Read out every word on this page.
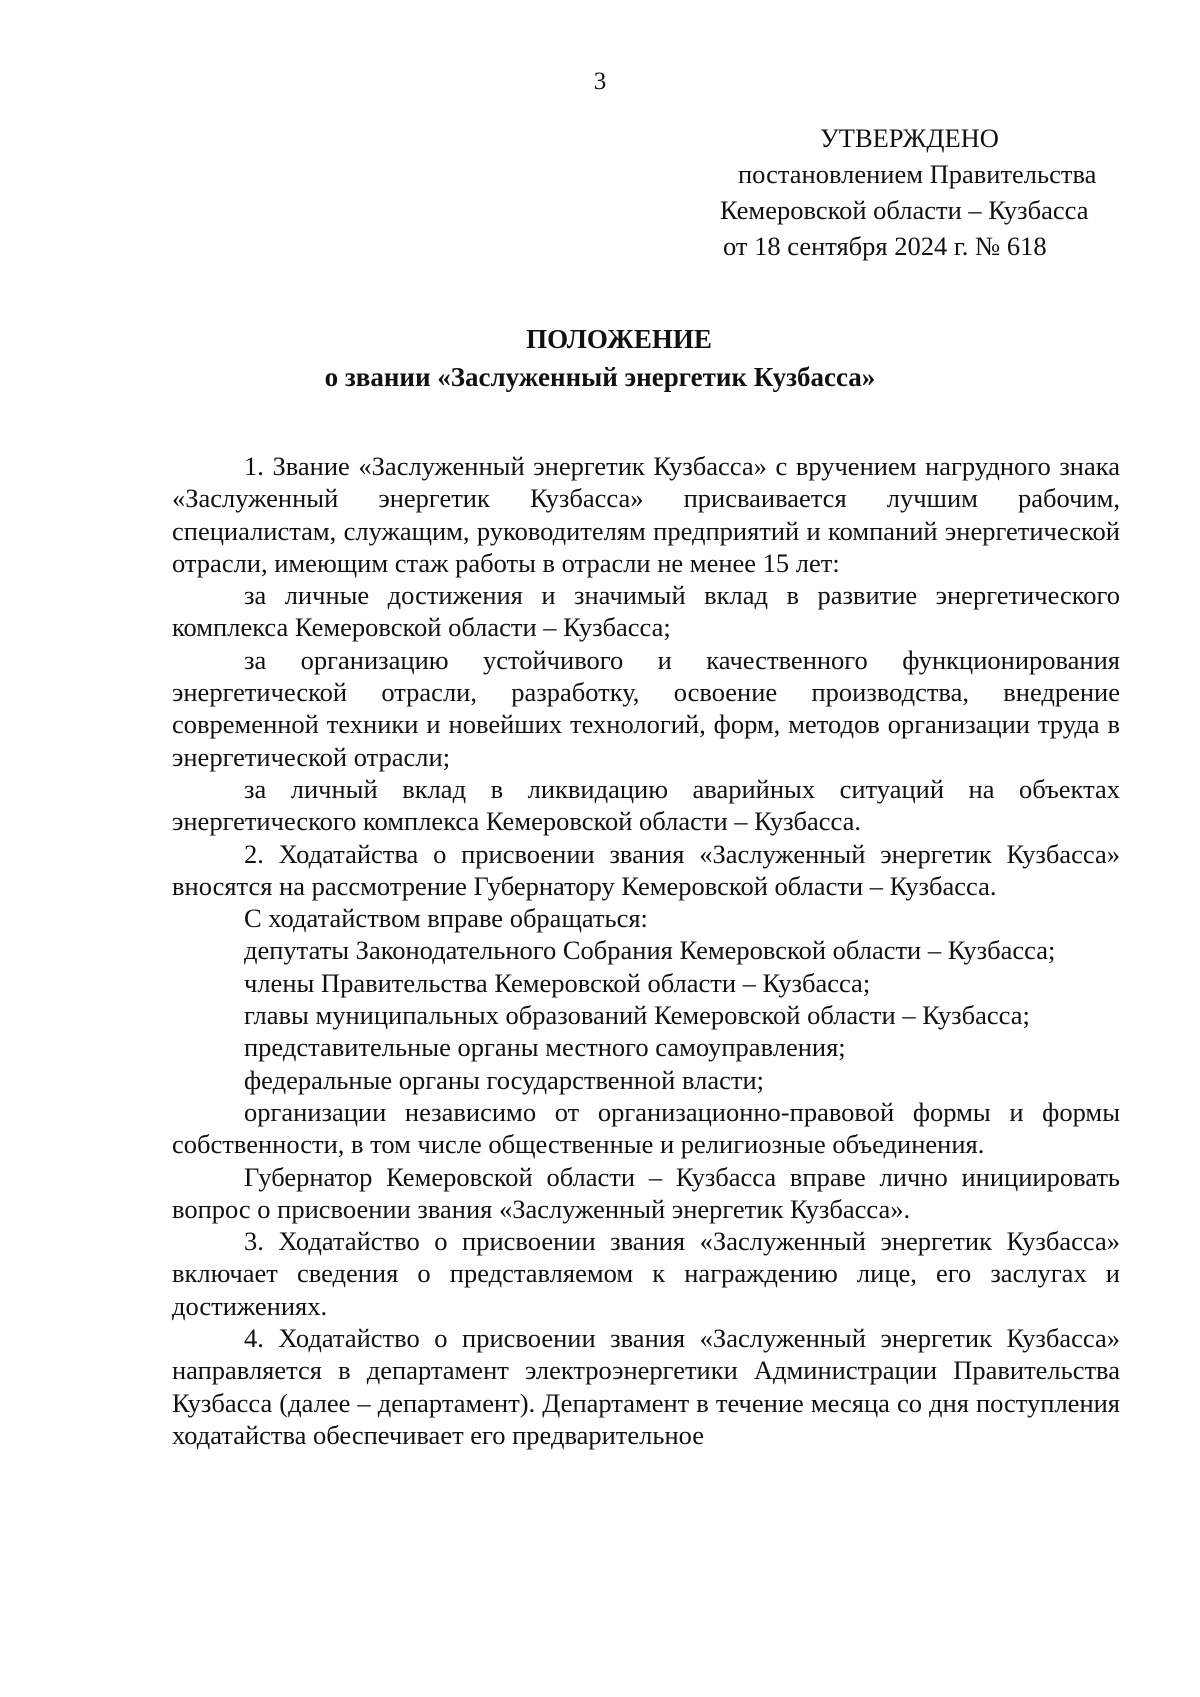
3
УТВЕРЖДЕНО
постановлением Правительства
Кемеровской области – Кузбасса
от 18 сентября 2024 г. № 618
ПОЛОЖЕНИЕ
о звании «Заслуженный энергетик Кузбасса»

1. Звание «Заслуженный энергетик Кузбасса» с вручением нагрудного знака «Заслуженный энергетик Кузбасса» присваивается лучшим рабочим, специалистам, служащим, руководителям предприятий и компаний энергетической отрасли, имеющим стаж работы в отрасли не менее 15 лет:

за личные достижения и значимый вклад в развитие энергетического комплекса Кемеровской области – Кузбасса;

за организацию устойчивого и качественного функционирования энергетической отрасли, разработку, освоение производства, внедрение современной техники и новейших технологий, форм, методов организации труда в энергетической отрасли;

за личный вклад в ликвидацию аварийных ситуаций на объектах энергетического комплекса Кемеровской области – Кузбасса.

2. Ходатайства о присвоении звания «Заслуженный энергетик Кузбасса» вносятся на рассмотрение Губернатору Кемеровской области – Кузбасса.

С ходатайством вправе обращаться:

депутаты Законодательного Собрания Кемеровской области – Кузбасса;

члены Правительства Кемеровской области – Кузбасса;

главы муниципальных образований Кемеровской области – Кузбасса;

представительные органы местного самоуправления;

федеральные органы государственной власти;

организации независимо от организационно-правовой формы и формы собственности, в том числе общественные и религиозные объединения.

Губернатор Кемеровской области – Кузбасса вправе лично инициировать вопрос о присвоении звания «Заслуженный энергетик Кузбасса».

3. Ходатайство о присвоении звания «Заслуженный энергетик Кузбасса» включает сведения о представляемом к награждению лице, его заслугах и достижениях.

4. Ходатайство о присвоении звания «Заслуженный энергетик Кузбасса» направляется в департамент электроэнергетики Администрации Правительства Кузбасса (далее – департамент). Департамент в течение месяца со дня поступления ходатайства обеспечивает его предварительное
